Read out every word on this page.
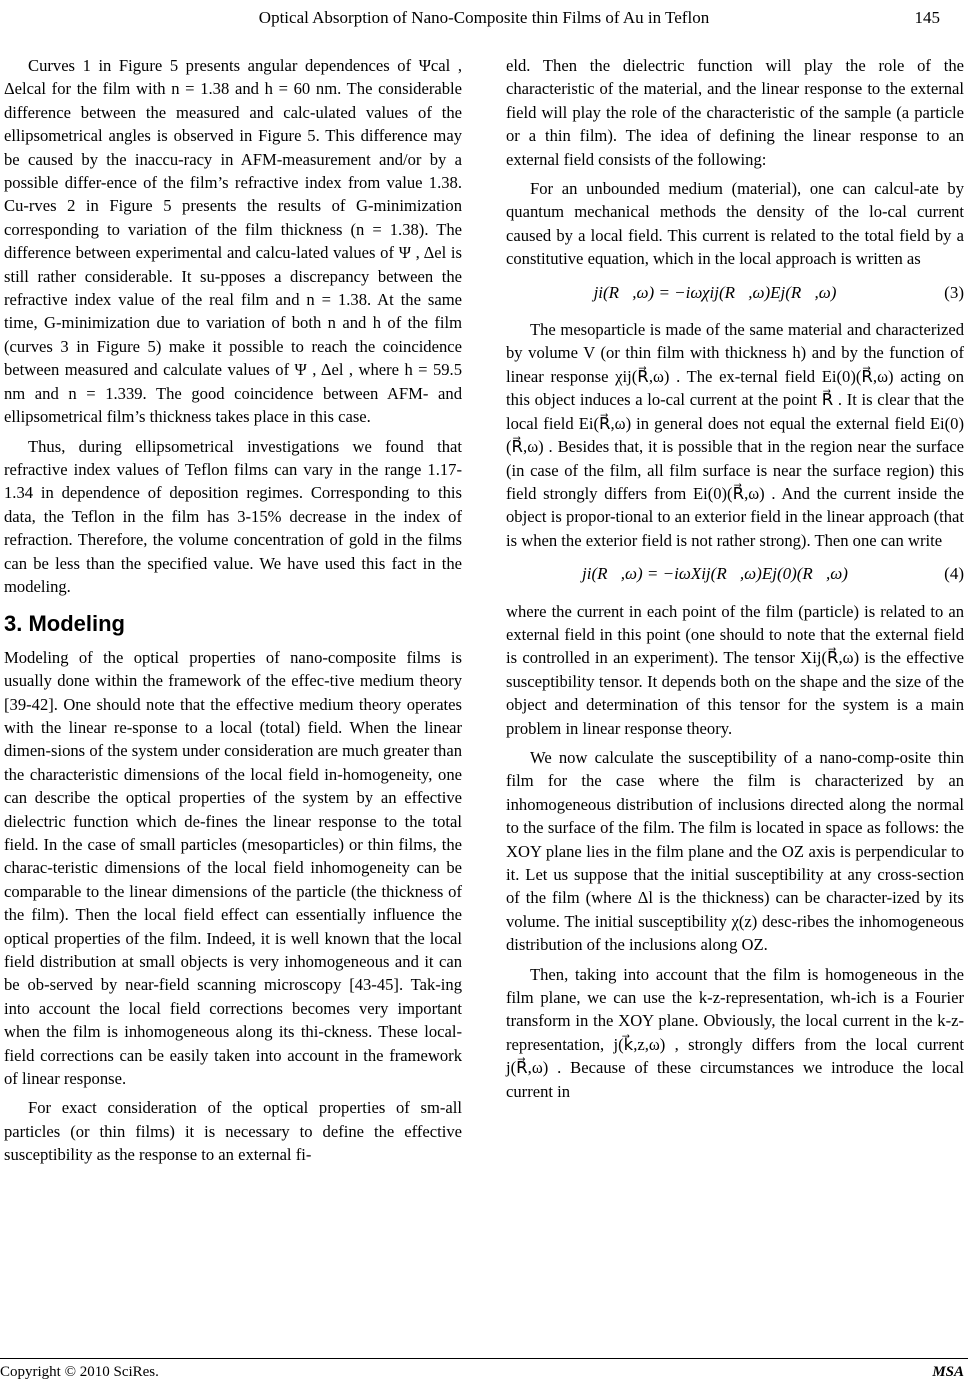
Optical Absorption of Nano-Composite thin Films of Au in Teflon	145

Curves 1 in Figure 5 presents angular dependences of Ψcal , Δelcal for the film with n = 1.38 and h = 60 nm. The considerable difference between the measured and calc-ulated values of the ellipsometrical angles is observed in Figure 5. This difference may be caused by the inaccu-racy in AFM-measurement and/or by a possible differ-ence of the film’s refractive index from value 1.38. Cu-rves 2 in Figure 5 presents the results of G-minimization corresponding to variation of the film thickness (n = 1.38). The difference between experimental and calcu-lated values of Ψ , Δel is still rather considerable. It su-pposes a discrepancy between the refractive index value of the real film and n = 1.38. At the same time, G-minimization due to variation of both n and h of the film (curves 3 in Figure 5) make it possible to reach the coincidence between measured and calculate values of Ψ , Δel , where h = 59.5 nm and n = 1.339. The good coincidence between AFM- and ellipsometrical film’s thickness takes place in this case.

Thus, during ellipsometrical investigations we found that refractive index values of Teflon films can vary in the range 1.17-1.34 in dependence of deposition regimes. Corresponding to this data, the Teflon in the film has 3-15% decrease in the index of refraction. Therefore, the volume concentration of gold in the films can be less than the specified value. We have used this fact in the modeling.

3. Modeling

Modeling of the optical properties of nano-composite films is usually done within the framework of the effec-tive medium theory [39-42]. One should note that the effective medium theory operates with the linear re-sponse to a local (total) field. When the linear dimen-sions of the system under consideration are much greater than the characteristic dimensions of the local field in-homogeneity, one can describe the optical properties of the system by an effective dielectric function which de-fines the linear response to the total field. In the case of small particles (mesoparticles) or thin films, the charac-teristic dimensions of the local field inhomogeneity can be comparable to the linear dimensions of the particle (the thickness of the film). Then the local field effect can essentially influence the optical properties of the film. Indeed, it is well known that the local field distribution at small objects is very inhomogeneous and it can be ob-served by near-field scanning microscopy [43-45]. Tak-ing into account the local field corrections becomes very important when the film is inhomogeneous along its thi-ckness. These local-field corrections can be easily taken into account in the framework of linear response.

For exact consideration of the optical properties of sm-all particles (or thin films) it is necessary to define the effective susceptibility as the response to an external fi-

eld. Then the dielectric function will play the role of the characteristic of the material, and the linear response to the external field will play the role of the characteristic of the sample (a particle or a thin film). The idea of defining the linear response to an external field consists of the following:

For an unbounded medium (material), one can calcul-ate by quantum mechanical methods the density of the lo-cal current caused by a local field. This current is related to the total field by a constitutive equation, which in the local approach is written as

ji(R⃗,ω) = −iωχij(R⃗,ω)Ej(R⃗,ω)	(3)

The mesoparticle is made of the same material and characterized by volume V (or thin film with thickness h) and by the function of linear response χij(R⃗,ω) . The ex-ternal field Ei(0)(R⃗,ω) acting on this object induces a lo-cal current at the point R⃗ . It is clear that the local field Ei(R⃗,ω) in general does not equal the external field Ei(0)(R⃗,ω) . Besides that, it is possible that in the region near the surface (in case of the film, all film surface is near the surface region) this field strongly differs from Ei(0)(R⃗,ω) . And the current inside the object is propor-tional to an exterior field in the linear approach (that is when the exterior field is not rather strong). Then one can write

ji(R⃗,ω) = −iωXij(R⃗,ω)Ej(0)(R⃗,ω)	(4)

where the current in each point of the film (particle) is related to an external field in this point (one should to note that the external field is controlled in an experiment). The tensor Xij(R⃗,ω) is the effective susceptibility tensor. It depends both on the shape and the size of the object and determination of this tensor for the system is a main problem in linear response theory.

We now calculate the susceptibility of a nano-comp-osite thin film for the case where the film is characterized by an inhomogeneous distribution of inclusions directed along the normal to the surface of the film. The film is located in space as follows: the XOY plane lies in the film plane and the OZ axis is perpendicular to it. Let us suppose that the initial susceptibility at any cross-section of the film (where Δl is the thickness) can be character-ized by its volume. The initial susceptibility χ(z) desc-ribes the inhomogeneous distribution of the inclusions along OZ.

Then, taking into account that the film is homogeneous in the film plane, we can use the k-z-representation, wh-ich is a Fourier transform in the XOY plane. Obviously, the local current in the k-z-representation, j(k⃗,z,ω) , strongly differs from the local current j(R⃗,ω) . Because of these circumstances we introduce the local current in

Copyright © 2010 SciRes.	MSA
